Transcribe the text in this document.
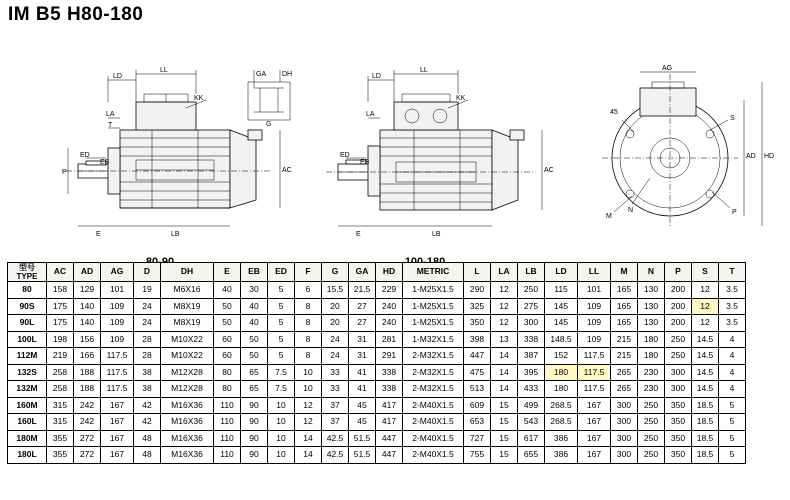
IM B5 H80-180
LD
LL
KK
LA
T
ED
EB
P	AC
E	LB
GA DH
G
LD
LL
KK
LA
ED
EB
AC
E	LB
45
AG
S
AD HD
M
N	P
型号
TYPE	AC	AD	AG	D	DH	E	EB	ED	F	G	GA	HD	METRIC	L	LA	LB	LD	LL	M	N	P	S	T
80	158	129	101	19	M6X16	40	30	5	6	15.5	21.5	229	1-M25X1.5	290	12	250	115	101	165	130	200	12	3.5
90S	175	140	109	24	M8X19	50	40	5	8	20	27	240	1-M25X1.5	325	12	275	145	109	165	130	200	12	3.5
90L	175	140	109	24	M8X19	50	40	5	8	20	27	240	1-M25X1.5	350	12	300	145	109	165	130	200	12	3.5
100L	198	156	109	28	M10X22	60	50	5	8	24	31	281	1-M32X1.5	398	13	338	148.5	109	215	180	250	14.5	4
112M	219	166	117.5	28	M10X22	60	50	5	8	24	31	291	2-M32X1.5	447	14	387	152	117.5	215	180	250	14.5	4
132S	258	188	117.5	38	M12X28	80	65	7.5	10	33	41	338	2-M32X1.5	475	14	395	180	117.5	265	230	300	14.5	4
132M	258	188	117.5	38	M12X28	80	65	7.5	10	33	41	338	2-M32X1.5	513	14	433	180	117.5	265	230	300	14.5	4
160M	315	242	167	42	M16X36	110	90	10	12	37	45	417	2-M40X1.5	609	15	499	268.5	167	300	250	350	18.5	5
160L	315	242	167	42	M16X36	110	90	10	12	37	45	417	2-M40X1.5	653	15	543	268.5	167	300	250	350	18.5	5
180M	355	272	167	48	M16X36	110	90	10	14	42.5	51.5	447	2-M40X1.5	727	15	617	386	167	300	250	350	18.5	5
180L	355	272	167	48	M16X36	110	90	10	14	42.5	51.5	447	2-M40X1.5	755	15	655	386	167	300	250	350	18.5	5
